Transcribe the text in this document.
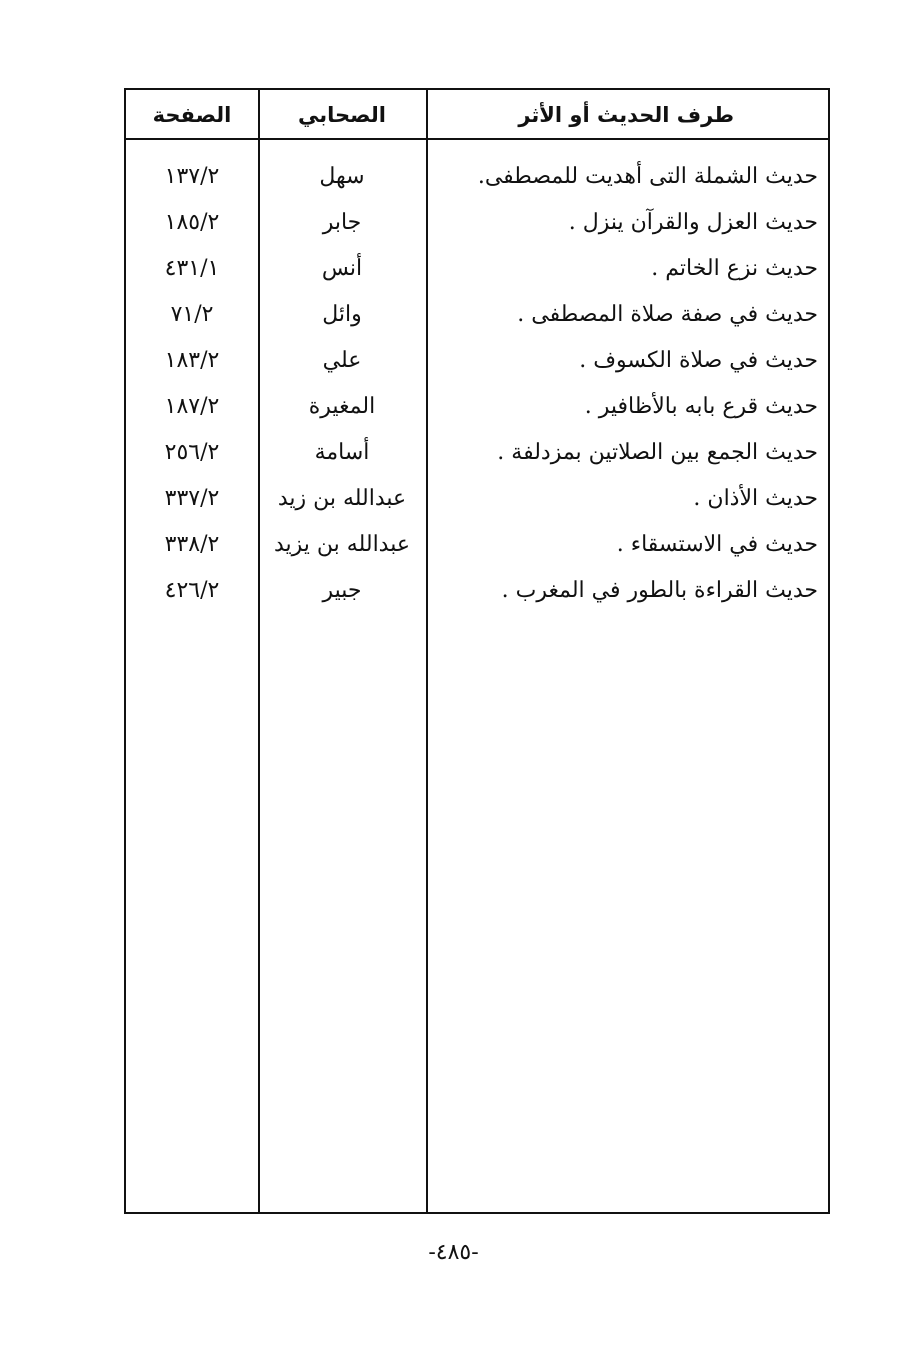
الصفحة	الصحابي	طرف الحديث أو الأثر
حديث الشملة التى أهديت للمصطفى.
سهل
١٣٧/٢
حديث العزل والقرآن ينزل .
جابر
١٨٥/٢
حديث نزع الخاتم .
أنس
٤٣١/١
حديث في صفة صلاة المصطفى .
وائل
٧١/٢
حديث في صلاة الكسوف .
علي
١٨٣/٢
حديث قرع بابه بالأظافير .
المغيرة
١٨٧/٢
حديث الجمع بين الصلاتين بمزدلفة .
أسامة
٢٥٦/٢
حديث الأذان .
عبدالله بن زيد
٣٣٧/٢
حديث في الاستسقاء .
عبدالله بن يزيد
٣٣٨/٢
حديث القراءة بالطور في المغرب .
جبير
٤٢٦/٢
-٤٨٥-
